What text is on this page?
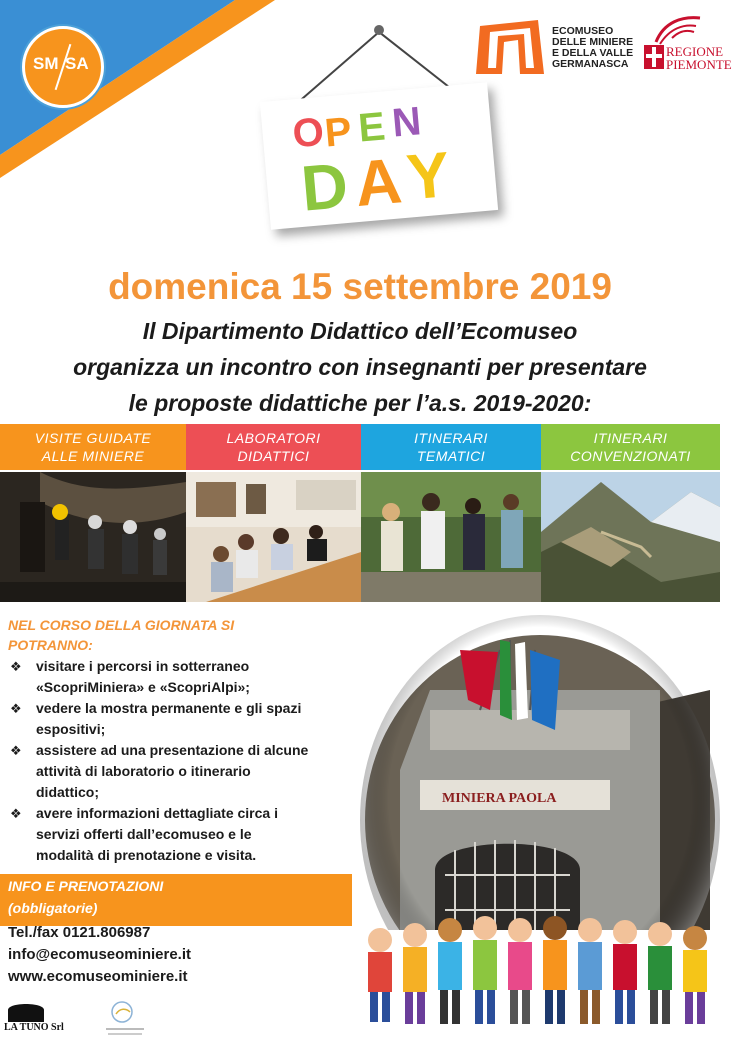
SM SA
ECOMUSEO
DELLE MINIERE
E DELLA VALLE
GERMANASCA
REGIONE
PIEMONTE
O
P E N
D A Y
domenica 15 settembre 2019
Il Dipartimento Didattico dell’Ecomuseo
organizza un incontro con insegnanti per presentare
le proposte didattiche per l’a.s. 2019-2020:
VISITE GUIDATE
ALLE MINIERE
LABORATORI
DIDATTICI
ITINERARI
TEMATICI
ITINERARI
CONVENZIONATI
NEL CORSO DELLA GIORNATA SI
POTRANNO:
❖ visitare i percorsi in sotterraneo
«ScopriMiniera» e «ScopriAlpi»;
❖ vedere la mostra permanente e gli spazi
espositivi;
❖ assistere ad una presentazione di alcune
attività di laboratorio o itinerario
didattico;
❖ avere informazioni dettagliate circa i
servizi offerti dall’ecomuseo e le
modalità di prenotazione e visita.
INFO E PRENOTAZIONI
(obbligatorie)
Tel./fax 0121.806987
info@ecomuseominiere.it
www.ecomuseominiere.it
LA TUNO Srl
